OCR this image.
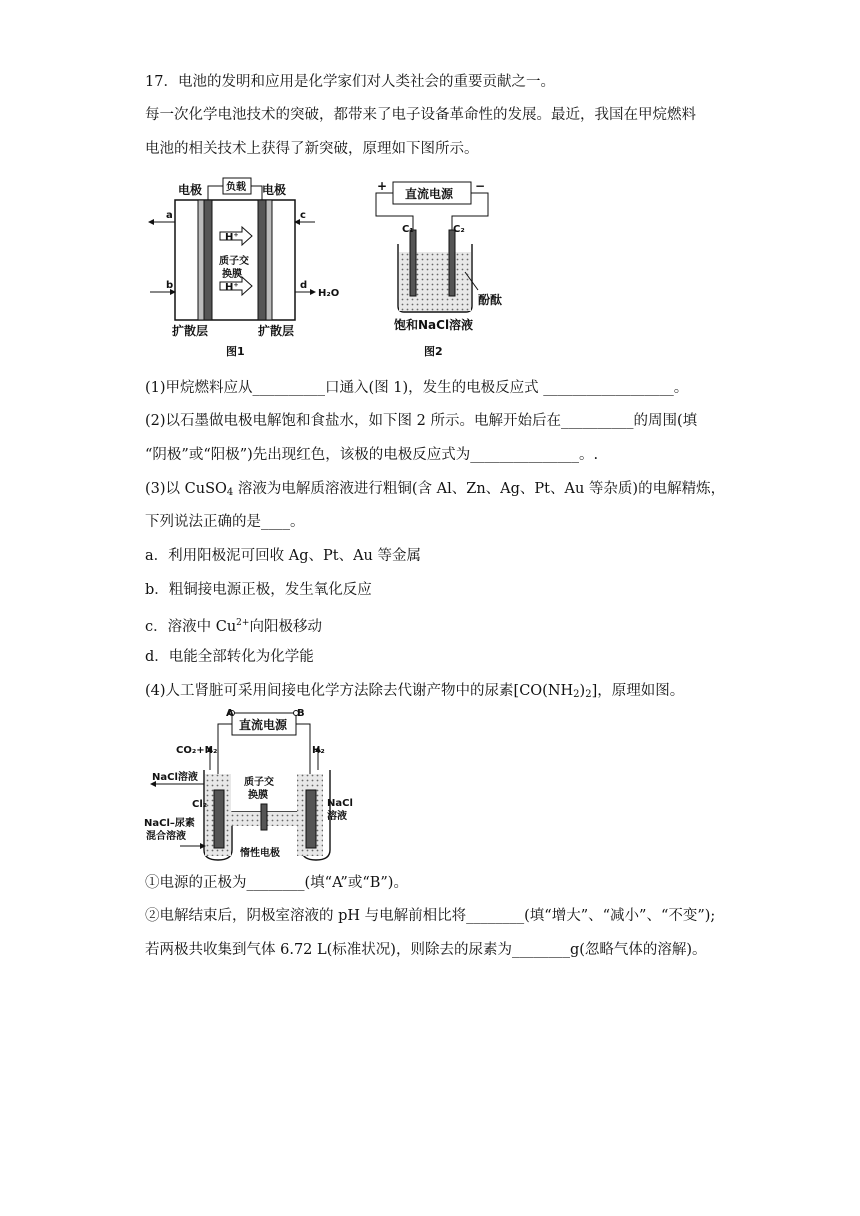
17．电池的发明和应用是化学家们对人类社会的重要贡献之一。
每一次化学电池技术的突破，都带来了电子设备革命性的发展。最近，我国在甲烷燃料
电池的相关技术上获得了新突破，原理如下图所示。
电极 负载 电极
H⁺
质子交
换膜
H⁺
a
b
c
d
H₂O
扩散层	扩散层
图1
+	−
直流电源
C₁	C₂
酚酞
饱和NaCl溶液
图2
(1)甲烷燃料应从__________口通入(图 1)，发生的电极反应式 __________________。
(2)以石墨做电极电解饱和食盐水，如下图 2 所示。电解开始后在__________的周围(填
“阴极”或“阳极”)先出现红色，该极的电极反应式为_______________。.
(3)以 CuSO$_4$ 溶液为电解质溶液进行粗铜(含 Al、Zn、Ag、Pt、Au 等杂质)的电解精炼，
下列说法正确的是____。
a．利用阳极泥可回收 Ag、Pt、Au 等金属
b．粗铜接电源正极，发生氧化反应
c．溶液中 $Cu^{2+}$向阳极移动
d．电能全部转化为化学能
(4)人工肾脏可采用间接电化学方法除去代谢产物中的尿素$[CO(NH_2)_2]$，原理如图。
A	B
直流电源
CO₂+N₂	H₂
NaCl溶液
Cl₂
NaCl–尿素
混合溶液
质子交
换膜
NaCl
溶液
惰性电极
①电源的正极为________(填“A”或“B”)。
②电解结束后，阴极室溶液的 pH 与电解前相比将________(填“增大”、“减小”、“不变”);
若两极共收集到气体 6.72 L(标准状况)，则除去的尿素为________g(忽略气体的溶解)。
